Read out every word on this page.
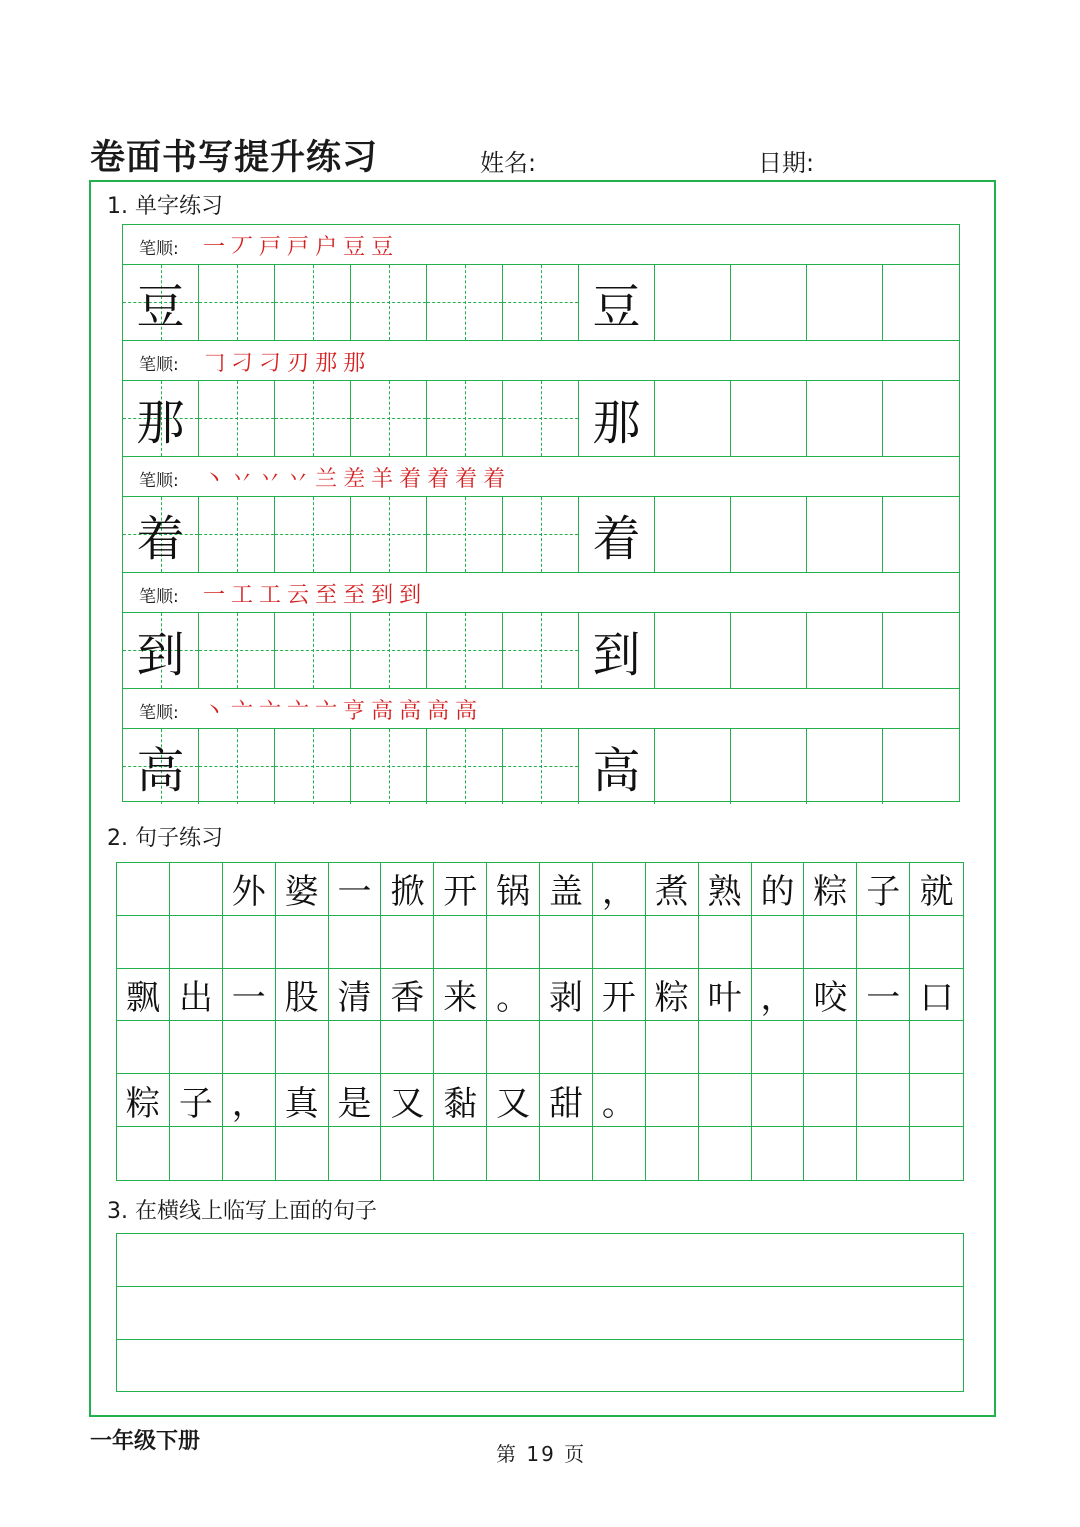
卷面书写提升练习	姓名:	日期:
1. 单字练习
笔顺: 一 丆 戸 戸 户 豆 豆
豆	豆
笔顺: 𠃌 刁 刁 刃 那 那
那	那
笔顺: 丶 丷 丷 丷 兰 差 羊 着 着 着 着
着	着
笔顺: 一 工 工 云 至 至 到 到
到	到
笔顺: 丶 亠 亠 亠 亠 亨 高 高 高 高
高	高
2. 句子练习
外 婆 一 掀 开 锅 盖 ， 煮 熟 的 粽 子 就
飘 出 一 股 清 香 来 。 剥 开 粽 叶 ， 咬 一 口
粽 子 ， 真 是 又 黏 又 甜 。
3. 在横线上临写上面的句子
一年级下册	第 19 页
